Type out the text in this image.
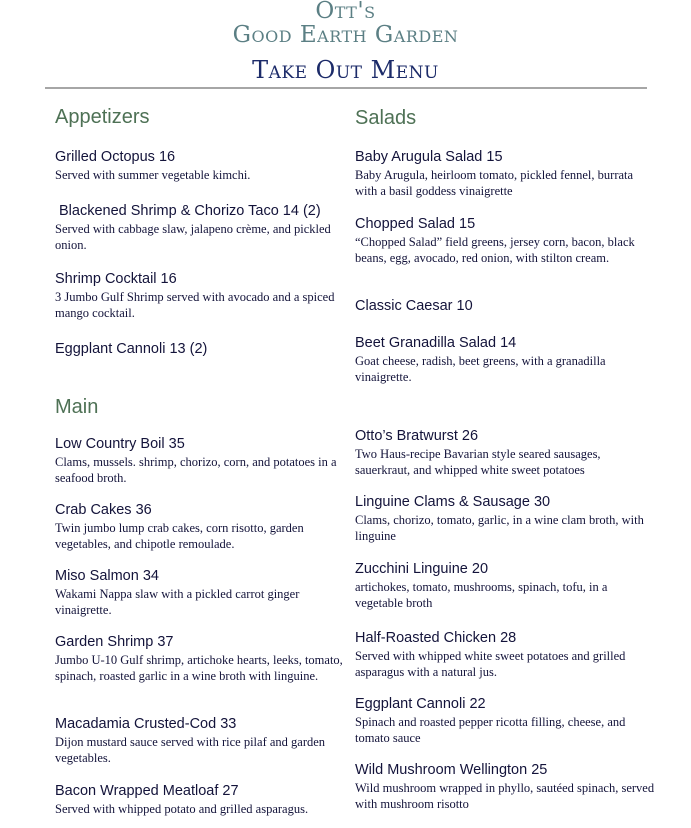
Ott's
Good Earth Garden
Take Out Menu
Appetizers	Salads
Main
Grilled Octopus 16
Served with summer vegetable kimchi.
Blackened Shrimp & Chorizo Taco 14 (2)
Served with cabbage slaw, jalapeno crème, and pickled onion.
Shrimp Cocktail 16
3 Jumbo Gulf Shrimp served with avocado and a spiced mango cocktail.
Eggplant Cannoli 13 (2)
Baby Arugula Salad 15
Baby Arugula, heirloom tomato, pickled fennel, burrata with a basil goddess vinaigrette
Chopped Salad 15
“Chopped Salad” field greens, jersey corn, bacon, black beans, egg, avocado, red onion, with stilton cream.
Classic Caesar 10
Beet Granadilla Salad 14
Goat cheese, radish, beet greens, with a granadilla vinaigrette.
Low Country Boil 35
Clams, mussels. shrimp, chorizo, corn, and potatoes in a seafood broth.
Crab Cakes 36
Twin jumbo lump crab cakes, corn risotto, garden vegetables, and chipotle remoulade.
Miso Salmon 34
Wakami Nappa slaw with a pickled carrot ginger vinaigrette.
Garden Shrimp 37
Jumbo U-10 Gulf shrimp, artichoke hearts, leeks, tomato, spinach, roasted garlic in a wine broth with linguine.
Macadamia Crusted-Cod 33
Dijon mustard sauce served with rice pilaf and garden vegetables.
Bacon Wrapped Meatloaf 27
Served with whipped potato and grilled asparagus.
Otto’s Bratwurst 26
Two Haus-recipe Bavarian style seared sausages, sauerkraut, and whipped white sweet potatoes
Linguine Clams & Sausage 30
Clams, chorizo, tomato, garlic, in a wine clam broth, with linguine
Zucchini Linguine 20
artichokes, tomato, mushrooms, spinach, tofu, in a vegetable broth
Half-Roasted Chicken 28
Served with whipped white sweet potatoes and grilled asparagus with a natural jus.
Eggplant Cannoli 22
Spinach and roasted pepper ricotta filling, cheese, and tomato sauce
Wild Mushroom Wellington 25
Wild mushroom wrapped in phyllo, sautéed spinach, served with mushroom risotto
